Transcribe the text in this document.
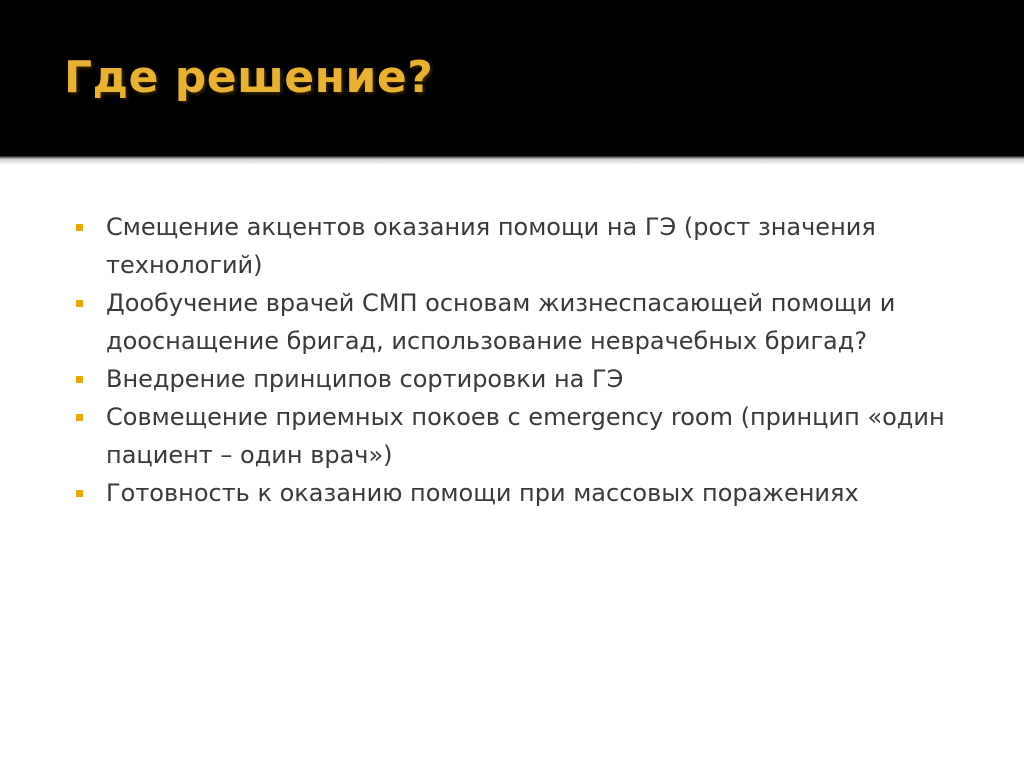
Где решение?
Смещение акцентов оказания помощи на ГЭ (рост значения технологий)
Дообучение врачей СМП основам жизнеспасающей помощи и дооснащение бригад, использование неврачебных бригад?
Внедрение принципов сортировки на ГЭ
Совмещение приемных покоев с emergency room (принцип «один пациент – один врач»)
Готовность к оказанию помощи при массовых поражениях
